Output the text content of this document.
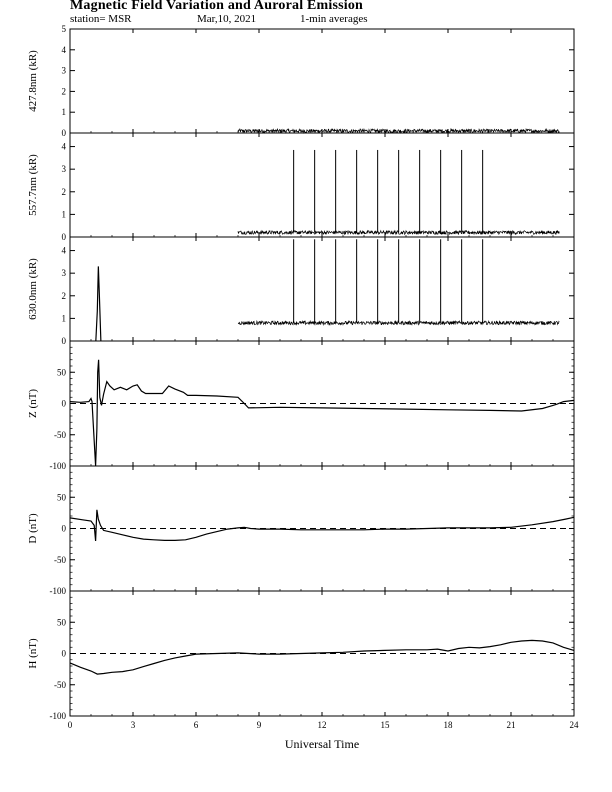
Magnetic Field Variation and Auroral Emission
station= MSR	Mar,10, 2021	1-min averages
0
1
2
3
4
5
427.8nm (kR)
0
1
2
3
4
557.7nm (kR)
0
1
2
3
4
630.0nm (kR)
-100
-50
0
50
Z (nT)
-100
-50
0
50
D (nT)
-100
-50
0
50
H (nT)
0	3	6	9	12	15	18	21	24
Universal Time
